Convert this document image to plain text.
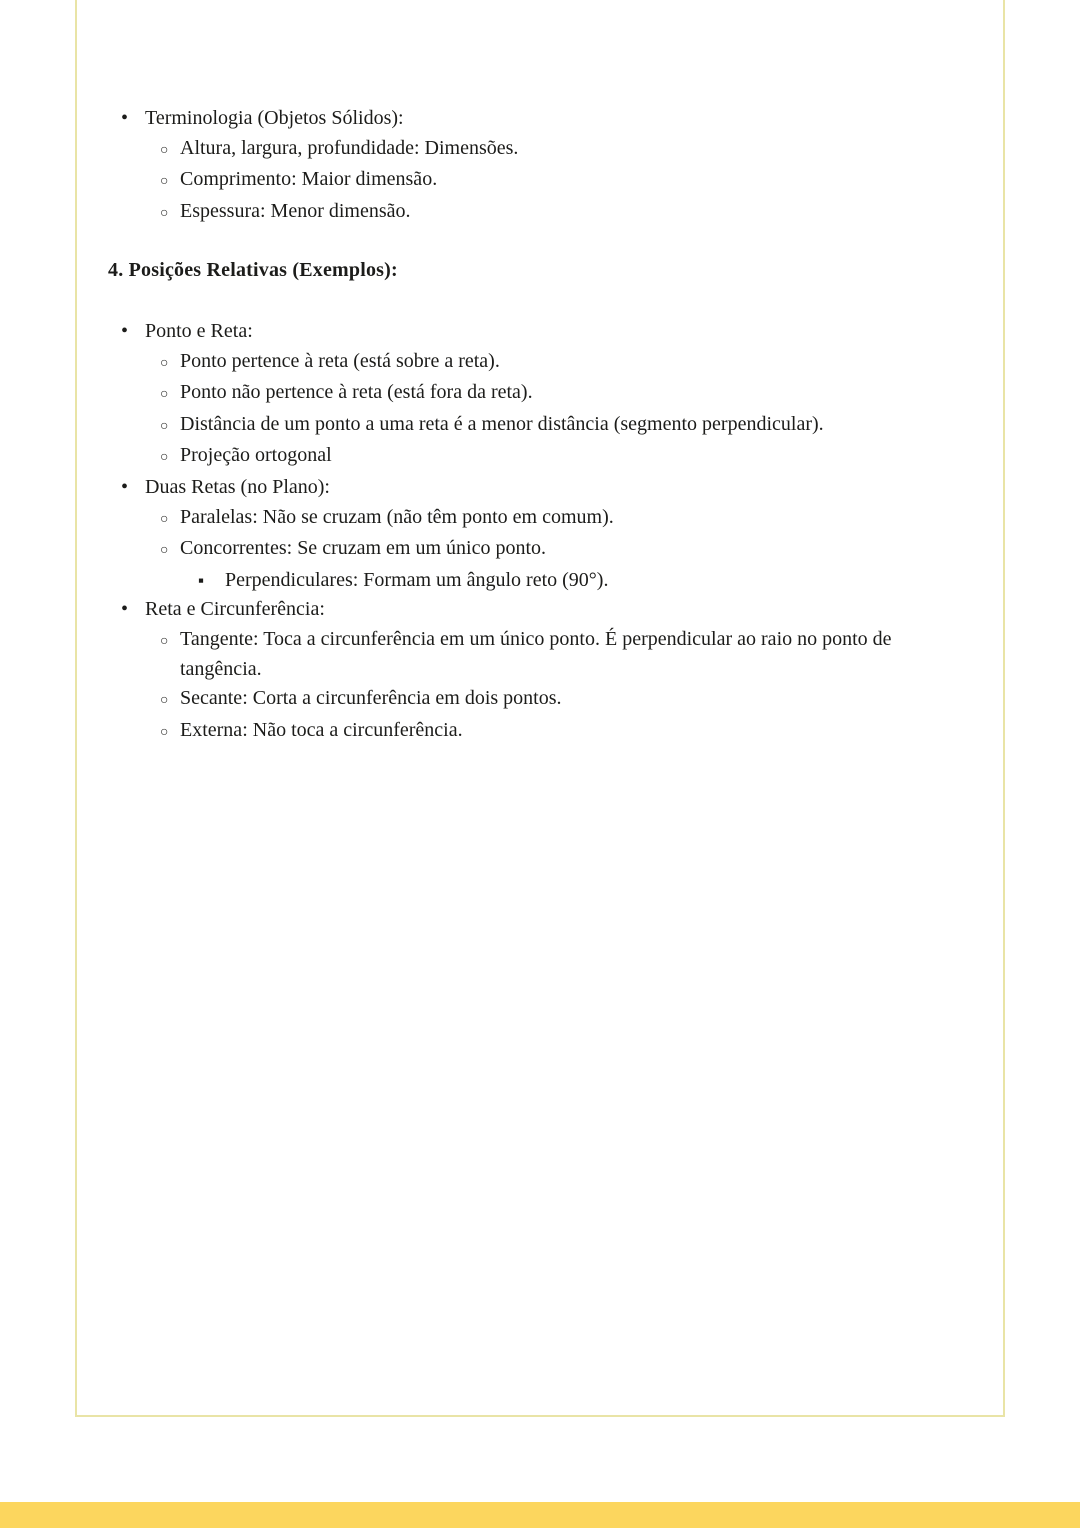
• Terminologia (Objetos Sólidos):
○ Altura, largura, profundidade: Dimensões.
○ Comprimento: Maior dimensão.
○ Espessura: Menor dimensão.
4. Posições Relativas (Exemplos):
• Ponto e Reta:
○ Ponto pertence à reta (está sobre a reta).
○ Ponto não pertence à reta (está fora da reta).
○ Distância de um ponto a uma reta é a menor distância (segmento perpendicular).
○ Projeção ortogonal
• Duas Retas (no Plano):
○ Paralelas: Não se cruzam (não têm ponto em comum).
○ Concorrentes: Se cruzam em um único ponto.
▪	Perpendiculares: Formam um ângulo reto (90°).
• Reta e Circunferência:
○ Tangente: Toca a circunferência em um único ponto. É perpendicular ao raio no ponto de tangência.
○ Secante: Corta a circunferência em dois pontos.
○ Externa: Não toca a circunferência.
